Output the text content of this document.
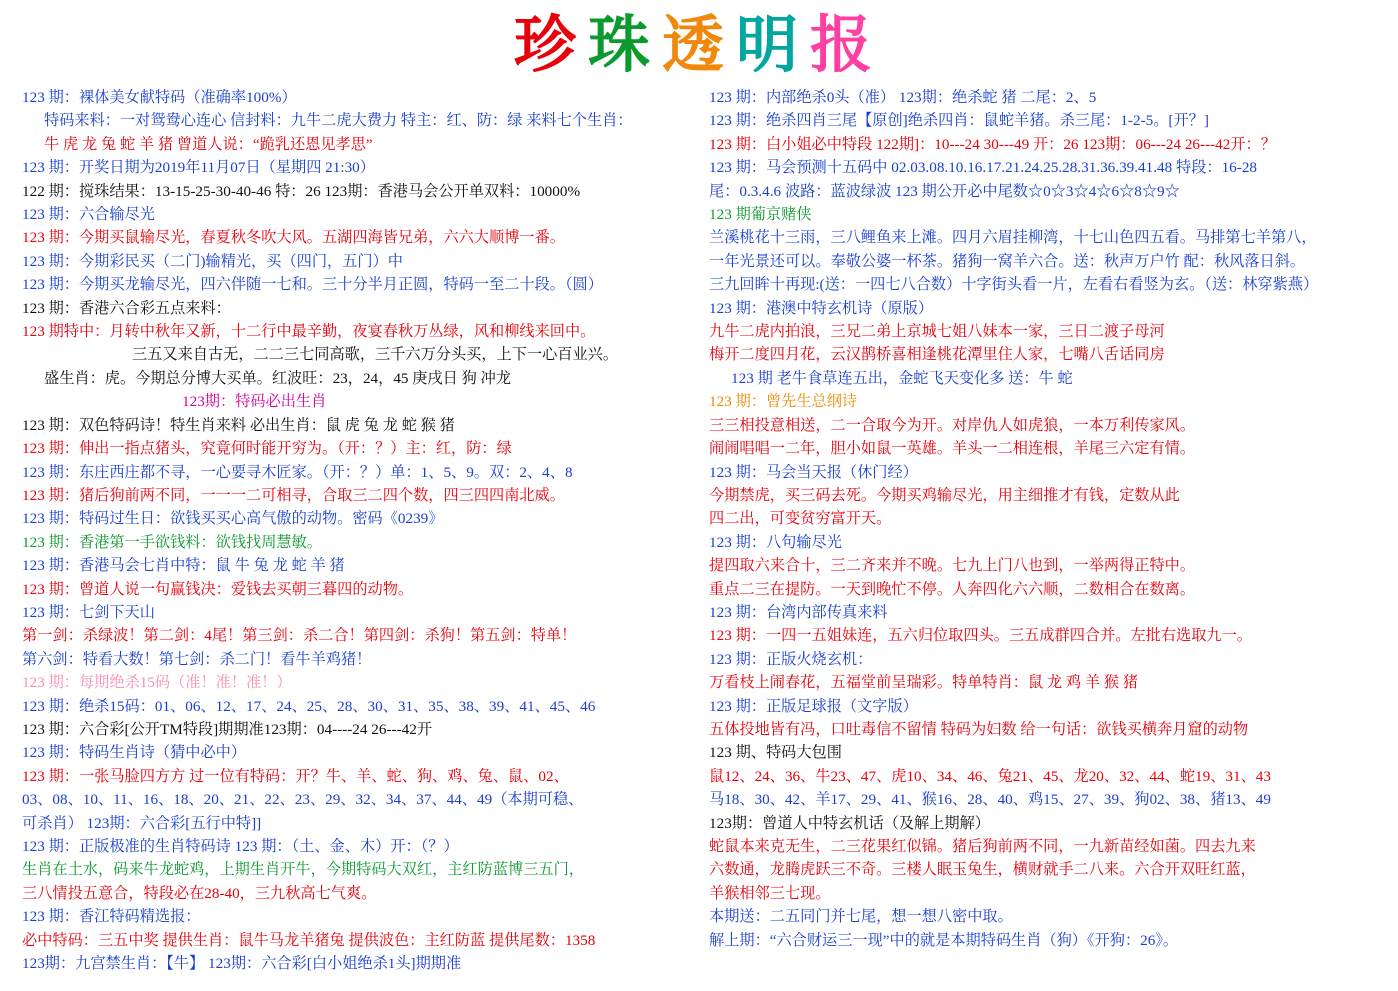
珍珠透明报
123 期：裸体美女献特码（准确率100%）
特码来料：一对鸳鸯心连心 信封料：九牛二虎大费力 特主：红、防：绿 来料七个生肖：
牛 虎 龙 兔 蛇 羊 猪 曾道人说：“跪乳还恩见孝思”
123 期：开奖日期为2019年11月07日（星期四 21:30）
122 期：搅珠结果：13-15-25-30-40-46 特：26 123期：香港马会公开单双料：10000%
123 期：六合输尽光
123 期：今期买鼠输尽光，春夏秋冬吹大风。五湖四海皆兄弟，六六大顺博一番。
123 期：今期彩民买（二门)输精光，买（四门，五门）中
123 期：今期买龙输尽光，四六伴随一七和。三十分半月正圆，特码一至二十段。（圆）
123 期：香港六合彩五点来料：
123 期特中：月转中秋年又新，十二行中最辛勤，夜宴春秋万丛绿，风和柳线来回中。
三五又来自古无，二二三七同高歌，三千六万分头买，上下一心百业兴。
盛生肖：虎。今期总分博大买单。红波旺：23，24，45 庚戌日 狗 冲龙
123期：特码必出生肖
123 期：双色特码诗！特生肖来料 必出生肖：鼠 虎 兔 龙 蛇 猴 猪
123 期：伸出一指点猪头，究竟何时能开穷为。（开：？）主：红，防：绿
123 期：东庄西庄都不寻，一心要寻木匠家。（开：？）单：1、5、9。双：2、4、8
123 期：猪后狗前两不同，一一一二可相寻，合取三二四个数，四三四四南北威。
123 期：特码过生日：欲钱买买心高气傲的动物。密码《0239》
123 期：香港第一手欲钱料：欲钱找周慧敏。
123 期：香港马会七肖中特：鼠 牛 兔 龙 蛇 羊 猪
123 期：曾道人说一句赢钱决：爱钱去买朝三暮四的动物。
123 期：七剑下天山
第一剑：杀绿波！第二剑：4尾！第三剑：杀二合！第四剑：杀狗！第五剑：特单！
第六剑：特看大数！第七剑：杀二门！看牛羊鸡猪！
123 期：每期绝杀15码（准！准！准！）
123 期：绝杀15码：01、06、12、17、24、25、28、30、31、35、38、39、41、45、46
123 期：六合彩[公开TM特段]期期准123期：04----24 26---42开
123 期：特码生肖诗（猜中必中）
123 期：一张马脸四方方 过一位有特码：开？牛、羊、蛇、狗、鸡、兔、鼠、02、
03、08、10、11、16、18、20、21、22、23、29、32、34、37、44、49（本期可稳、
可杀肖） 123期：六合彩[五行中特]]
123 期：正版极准的生肖特码诗 123 期：（土、金、木）开：（？）
生肖在土水，码来牛龙蛇鸡，上期生肖开牛，今期特码大双红，主红防蓝博三五门，
三八情投五意合，特段必在28-40，三九秋高七气爽。
123 期：香江特码精选报：
必中特码：三五中奖 提供生肖：鼠牛马龙羊猪兔 提供波色：主红防蓝 提供尾数：1358
123期：九宫禁生肖：【牛】 123期：六合彩[白小姐绝杀1头]期期准
123 期：内部绝杀0头（准） 123期：绝杀蛇 猪 二尾：2、5
123 期：绝杀四肖三尾【原创]绝杀四肖：鼠蛇羊猪。杀三尾：1-2-5。[开？]
123 期：白小姐必中特段 122期]：10---24 30---49 开：26 123期：06---24 26---42开：？
123 期：马会预测十五码中 02.03.08.10.16.17.21.24.25.28.31.36.39.41.48 特段：16-28
尾：0.3.4.6 波路：蓝波绿波 123 期公开必中尾数☆0☆3☆4☆6☆8☆9☆
123 期葡京赌侠
兰溪桃花十三雨，三八鲤鱼来上滩。四月六眉挂柳湾，十七山色四五看。马排第七羊第八，
一年光景还可以。奉敬公婆一杯茶。猪狗一窝羊六合。送：秋声万户竹 配：秋风落日斜。
三九回眸十再现:(送：一四七八合数）十字街头看一片，左看右看竖为玄。（送：林穿紫燕）
123 期：港澳中特玄机诗（原版）
九牛二虎内拍浪，三兄二弟上京城七姐八妹本一家，三日二渡子母河
梅开二度四月花，云汉鹊桥喜相逢桃花潭里住人家，七嘴八舌话同房
123 期 老牛食草连五出，金蛇飞天变化多 送：牛 蛇
123 期：曾先生总纲诗
三三相投意相送，二一合取今为开。对岸仇人如虎狼，一本万利传家风。
闹闹唱唱一二年，胆小如鼠一英雄。羊头一二相连根，羊尾三六定有情。
123 期：马会当天报（休门经）
今期禁虎，买三码去死。今期买鸡输尽光，用主细推才有钱，定数从此
四二出，可变贫穷富开天。
123 期：八句输尽光
提四取六来合十，三二齐来并不晚。七九上门八也到，一举两得正特中。
重点二三在提防。一天到晚忙不停。人奔四化六六顺，二数相合在数离。
123 期：台湾内部传真来料
123 期：一四一五姐妹连，五六归位取四头。三五成群四合并。左批右选取九一。
123 期：正版火烧玄机：
万看枝上闹春花，五福堂前呈瑞彩。特单特肖：鼠 龙 鸡 羊 猴 猪
123 期：正版足球报（文字版）
五体投地皆有冯，口吐毒信不留情 特码为妇数 给一句话：欲钱买横奔月窟的动物
123 期、特码大包围
鼠12、24、36、牛23、47、虎10、34、46、兔21、45、龙20、32、44、蛇19、31、43
马18、30、42、羊17、29、41、猴16、28、40、鸡15、27、39、狗02、38、猪13、49
123期：曾道人中特玄机话（及解上期解）
蛇鼠本来克无生，二三花果红似锦。猪后狗前两不同，一九新苗经如菌。四去九来
六数通，龙腾虎跃三不奇。三楼人眠玉兔生，横财就手二八来。六合开双旺红蓝，
羊猴相邻三七现。
本期送：二五同门并七尾，想一想八密中取。
解上期：“六合财运三一现”中的就是本期特码生肖（狗）《开狗：26》。
